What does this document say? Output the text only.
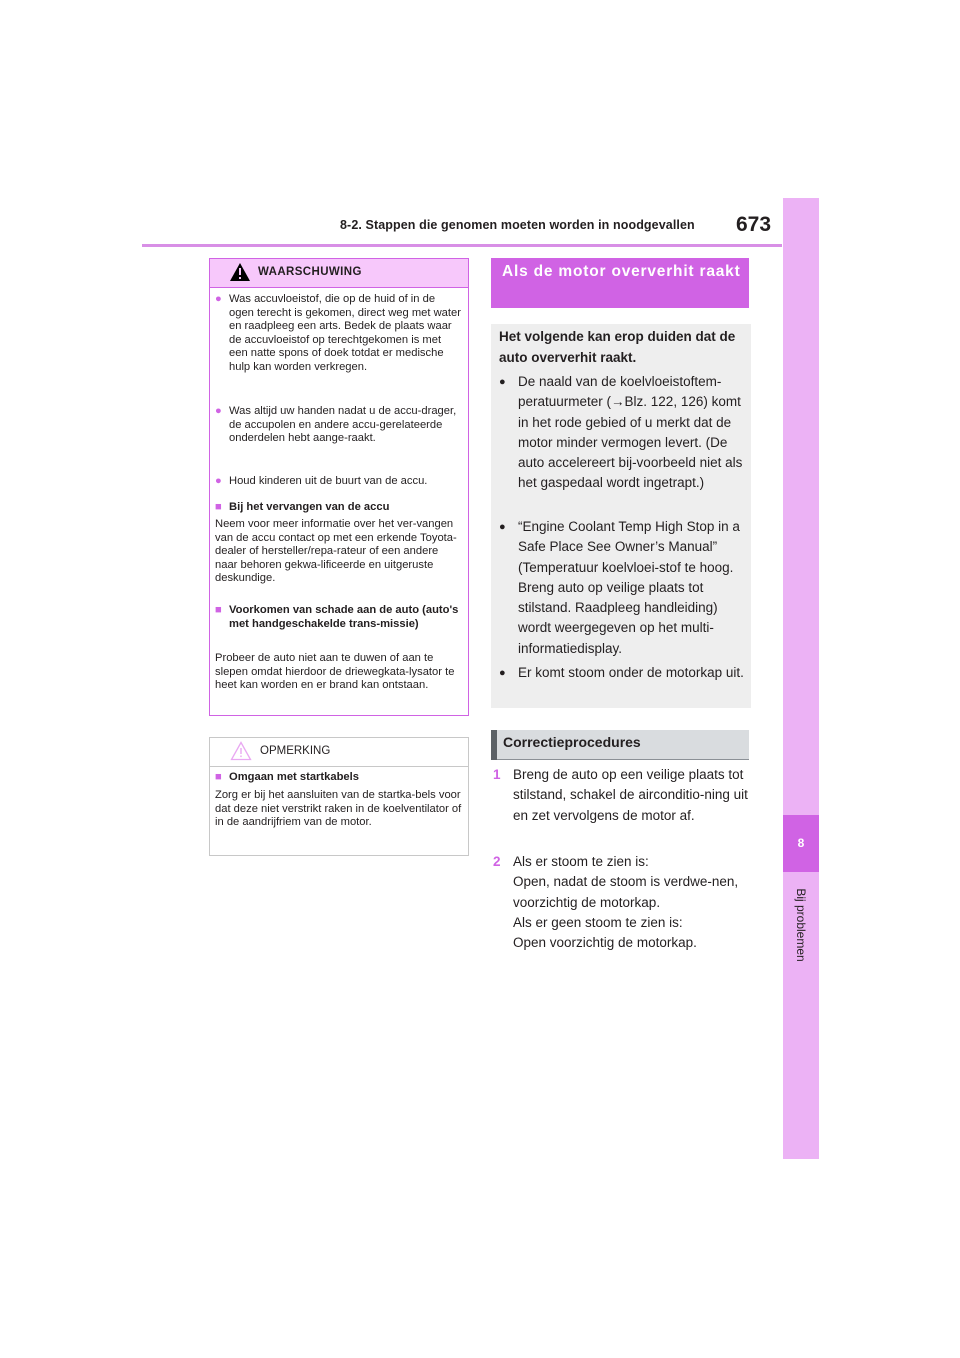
8-2. Stappen die genomen moeten worden in noodgevallen 673
8
Bij problemen
WAARSCHUWING
● Was accuvloeistof, die op de huid of in de ogen terecht is gekomen, direct weg met water en raadpleeg een arts. Bedek de plaats waar de accuvloeistof op terechtgekomen is met een natte spons of doek totdat er medische hulp kan worden verkregen.
● Was altijd uw handen nadat u de accu-drager, de accupolen en andere accu-gerelateerde onderdelen hebt aange-raakt.
● Houd kinderen uit de buurt van de accu.
■ Bij het vervangen van de accu
Neem voor meer informatie over het ver-vangen van de accu contact op met een erkende Toyota-dealer of hersteller/repa-rateur of een andere naar behoren gekwa-lificeerde en uitgeruste deskundige.
■ Voorkomen van schade aan de auto (auto's met handgeschakelde trans-missie)
Probeer de auto niet aan te duwen of aan te slepen omdat hierdoor de driewegkata-lysator te heet kan worden en er brand kan ontstaan.
OPMERKING
■ Omgaan met startkabels
Zorg er bij het aansluiten van de startka-bels voor dat deze niet verstrikt raken in de koelventilator of in de aandrijfriem van de motor.
Als de motor oververhit raakt
Het volgende kan erop duiden dat de auto oververhit raakt.
● De naald van de koelvloeistoftem-peratuurmeter (→Blz. 122, 126) komt in het rode gebied of u merkt dat de motor minder vermogen levert. (De auto accelereert bij-voorbeeld niet als het gaspedaal wordt ingetrapt.)
● “Engine Coolant Temp High Stop in a Safe Place See Owner’s Manual” (Temperatuur koelvloei-stof te hoog. Breng auto op veilige plaats tot stilstand. Raadpleeg handleiding) wordt weergegeven op het multi-informatiedisplay.
● Er komt stoom onder de motorkap uit.
Correctieprocedures
1 Breng de auto op een veilige plaats tot stilstand, schakel de airconditio-ning uit en zet vervolgens de motor af.
2 Als er stoom te zien is:
Open, nadat de stoom is verdwe-nen, voorzichtig de motorkap.
Als er geen stoom te zien is:
Open voorzichtig de motorkap.
